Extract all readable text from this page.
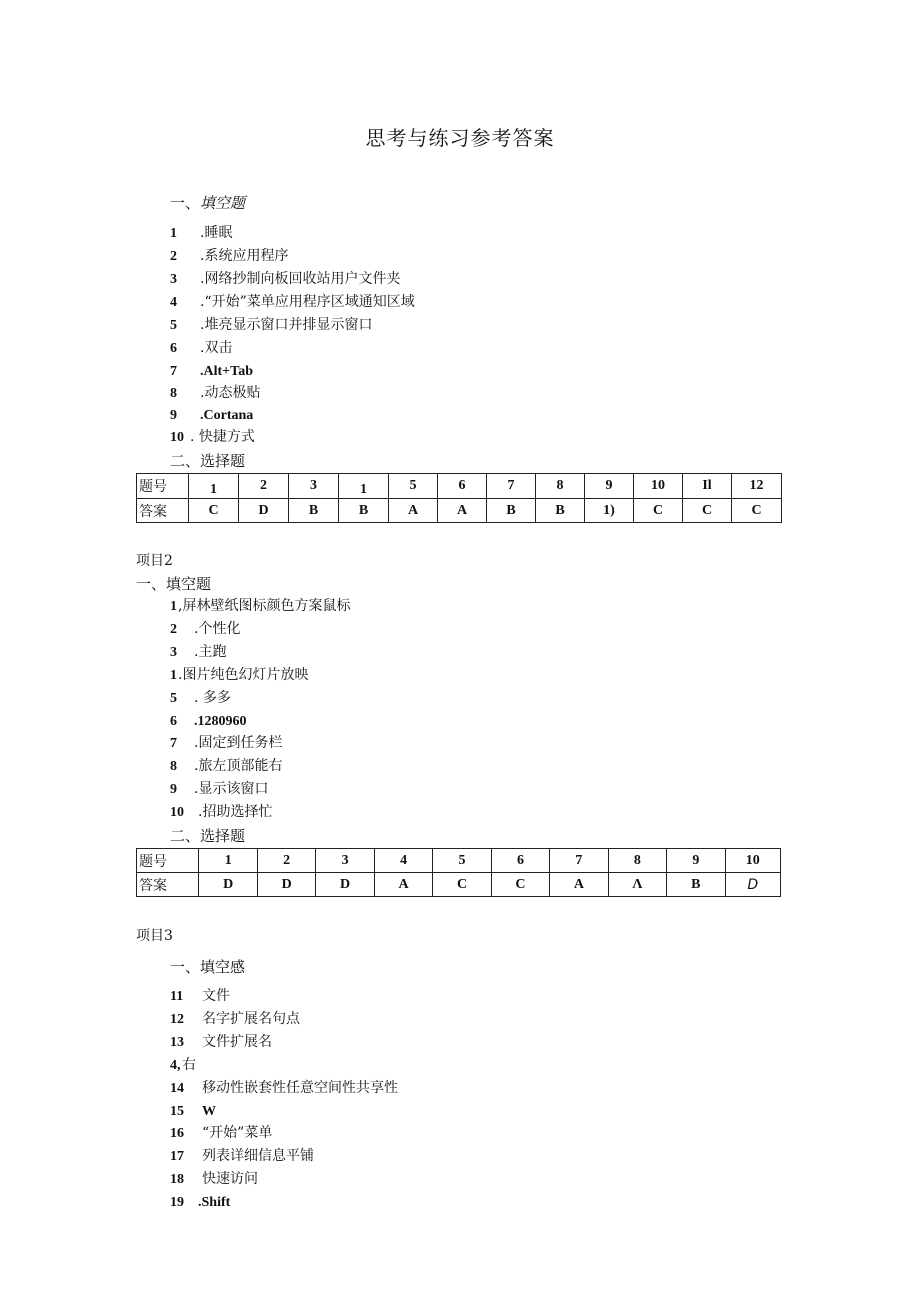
思考与练习参考答案
一、填空题
1 .睡眠
2 .系统应用程序
3 .网络抄制向板回收站用户文件夹
4 .“开始”菜单应用程序区域通知区域
5 .堆亮显示窗口并排显示窗口
6 .双击
7 .Alt+Tab
8 .动态极贴
9 .Cortana
10 . 快捷方式
二、选择题
题号	1	2	3	1	5	6	7	8	9	10	Il	12
答案	C	D	B	B	A	A	B	B	1)	C	C	C
项目2
一、填空题
1,屏林壁纸图标颜色方案鼠标
2 .个性化
3 .主跑
1.图片纯色幻灯片放映
5 . 多多
6 .1280960
7 .固定到任务栏
8 .旅左顶部能右
9 .显示该窗口
10 .招助选择忙
二、选择题
题号	1	2	3	4	5	6	7	8	9	10
答案	D	D	D	A	C	C	A	Λ	B	D
项目3
一、填空感
11 文件
12 名字扩展名句点
13 文件扩展名
4, 右
14 移动性嵌套性任意空间性共享性
15 W
16 “开始”菜单
17 列表详细信息平铺
18 快速访问
19 .Shift
